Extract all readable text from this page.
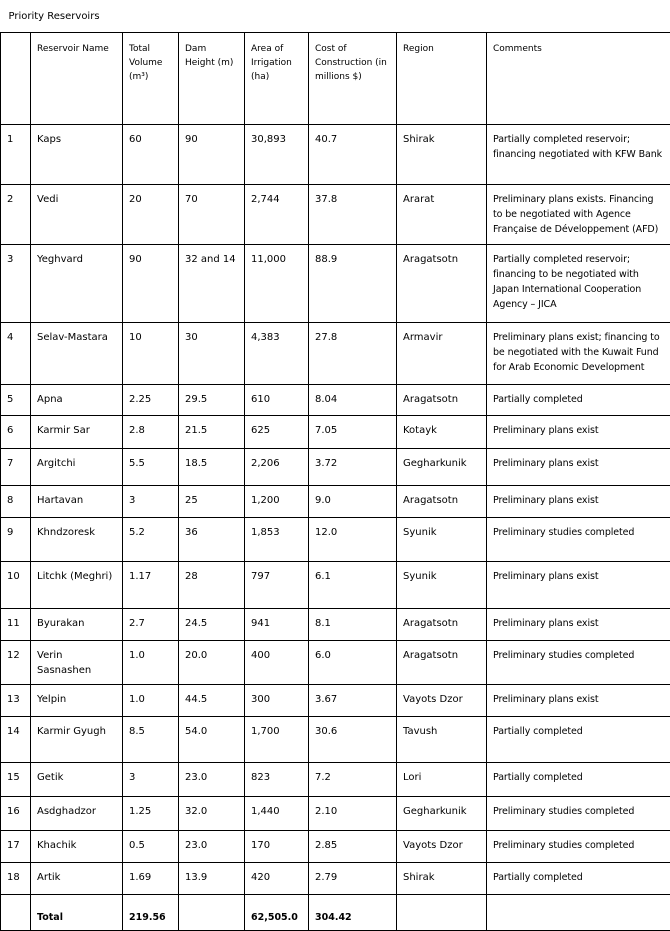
Priority Reservoirs							
	Reservoir Name	Total Volume (m³)	Dam Height (m)	Area of Irrigation (ha)	Cost of Construction (in millions $)	Region	Comments
1	Kaps	60	90	30,893	40.7	Shirak	Partially completed reservoir; financing negotiated with KFW Bank
2	Vedi	20	70	2,744	37.8	Ararat	Preliminary plans exists. Financing to be negotiated with Agence Française de Développement (AFD)
3	Yeghvard	90	32 and 14	11,000	88.9	Aragatsotn	Partially completed reservoir; financing to be negotiated with Japan International Cooperation Agency – JICA
4	Selav-Mastara	10	30	4,383	27.8	Armavir	Preliminary plans exist; financing to be negotiated with the Kuwait Fund for Arab Economic Development
5	Apna	2.25	29.5	610	8.04	Aragatsotn	Partially completed
6	Karmir Sar	2.8	21.5	625	7.05	Kotayk	Preliminary plans exist
7	Argitchi	5.5	18.5	2,206	3.72	Gegharkunik	Preliminary plans exist
8	Hartavan	3	25	1,200	9.0	Aragatsotn	Preliminary plans exist
9	Khndzoresk	5.2	36	1,853	12.0	Syunik	Preliminary studies completed
10	Litchk (Meghri)	1.17	28	797	6.1	Syunik	Preliminary plans exist
11	Byurakan	2.7	24.5	941	8.1	Aragatsotn	Preliminary plans exist
12	Verin Sasnashen	1.0	20.0	400	6.0	Aragatsotn	Preliminary studies completed
13	Yelpin	1.0	44.5	300	3.67	Vayots Dzor	Preliminary plans exist
14	Karmir Gyugh	8.5	54.0	1,700	30.6	Tavush	Partially completed
15	Getik	3	23.0	823	7.2	Lori	Partially completed
16	Asdghadzor	1.25	32.0	1,440	2.10	Gegharkunik	Preliminary studies completed
17	Khachik	0.5	23.0	170	2.85	Vayots Dzor	Preliminary studies completed
18	Artik	1.69	13.9	420	2.79	Shirak	Partially completed
	Total	219.56		62,505.0	304.42		
